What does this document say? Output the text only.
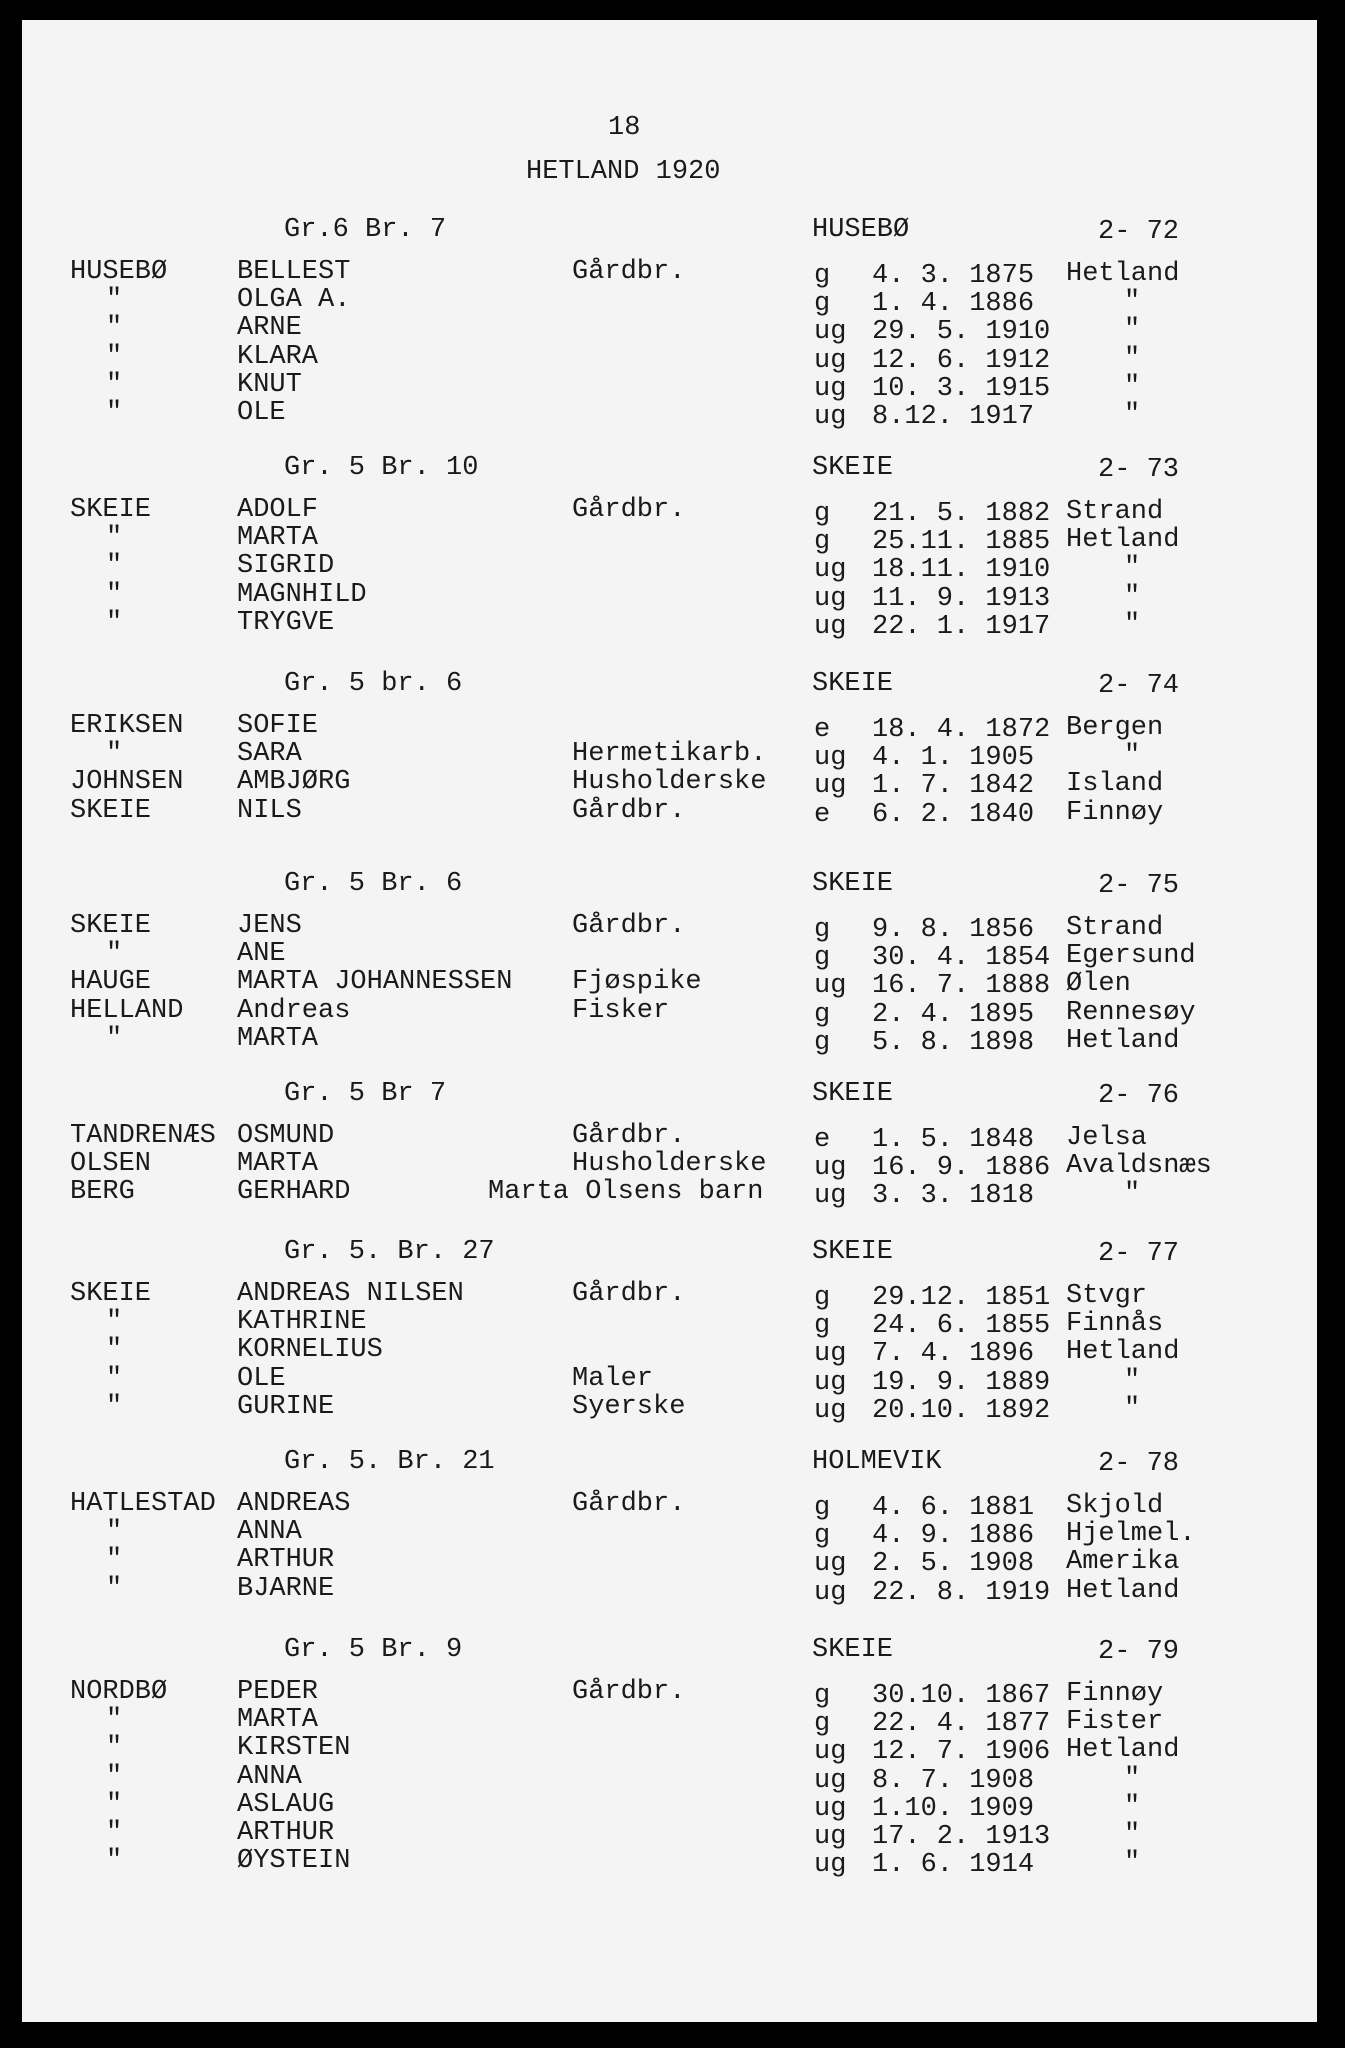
18
HETLAND 1920
Gr.6 Br. 7	HUSEBØ	2- 72
HUSEBØ	BELLEST	Gårdbr.	g 4. 3. 1875 Hetland
"	OLGA A.	g 1. 4. 1886	"
"	ARNE	ug 29. 5. 1910	"
"	KLARA	ug 12. 6. 1912	"
"	KNUT	ug 10. 3. 1915	"
"	OLE	ug 8.12. 1917	"
Gr. 5 Br. 10	SKEIE	2- 73
SKEIE	ADOLF	Gårdbr.	g 21. 5. 1882 Strand
"	MARTA	g 25.11. 1885 Hetland
"	SIGRID	ug 18.11. 1910	"
"	MAGNHILD	ug 11. 9. 1913	"
"	TRYGVE	ug 22. 1. 1917	"
Gr. 5 br. 6	SKEIE	2- 74
ERIKSEN SOFIE	e 18. 4. 1872 Bergen
"	SARA	Hermetikarb. ug 4. 1. 1905	"
JOHNSEN AMBJØRG	Husholderske ug 1. 7. 1842 Island
SKEIE	NILS	Gårdbr.	e 6. 2. 1840 Finnøy
Gr. 5 Br. 6	SKEIE	2- 75
SKEIE	JENS	Gårdbr.	g 9. 8. 1856 Strand
"	ANE	g 30. 4. 1854 Egersund
HAUGE	MARTA JOHANNESSEN Fjøspike	ug 16. 7. 1888 Ølen
HELLAND Andreas	Fisker	g 2. 4. 1895 Rennesøy
"	MARTA	g 5. 8. 1898 Hetland
Gr. 5 Br 7	SKEIE	2- 76
TANDRENÆS OSMUND	Gårdbr.	e 1. 5. 1848 Jelsa
OLSEN	MARTA	Husholderske ug 16. 9. 1886 Avaldsnæs
BERG	GERHARD	Marta Olsens barn ug 3. 3. 1818	"
Gr. 5. Br. 27	SKEIE	2- 77
SKEIE	ANDREAS NILSEN	Gårdbr.	g 29.12. 1851 Stvgr
"	KATHRINE	g 24. 6. 1855 Finnås
"	KORNELIUS	ug 7. 4. 1896 Hetland
"	OLE	Maler	ug 19. 9. 1889	"
"	GURINE	Syerske	ug 20.10. 1892	"
Gr. 5. Br. 21	HOLMEVIK	2- 78
HATLESTAD ANDREAS	Gårdbr.	g 4. 6. 1881 Skjold
"	ANNA	g 4. 9. 1886 Hjelmel.
"	ARTHUR	ug 2. 5. 1908 Amerika
"	BJARNE	ug 22. 8. 1919 Hetland
Gr. 5 Br. 9	SKEIE	2- 79
NORDBØ	PEDER	Gårdbr.	g 30.10. 1867 Finnøy
"	MARTA	g 22. 4. 1877 Fister
"	KIRSTEN	ug 12. 7. 1906 Hetland
"	ANNA	ug 8. 7. 1908	"
"	ASLAUG	ug 1.10. 1909	"
"	ARTHUR	ug 17. 2. 1913	"
"	ØYSTEIN	ug 1. 6. 1914	"
